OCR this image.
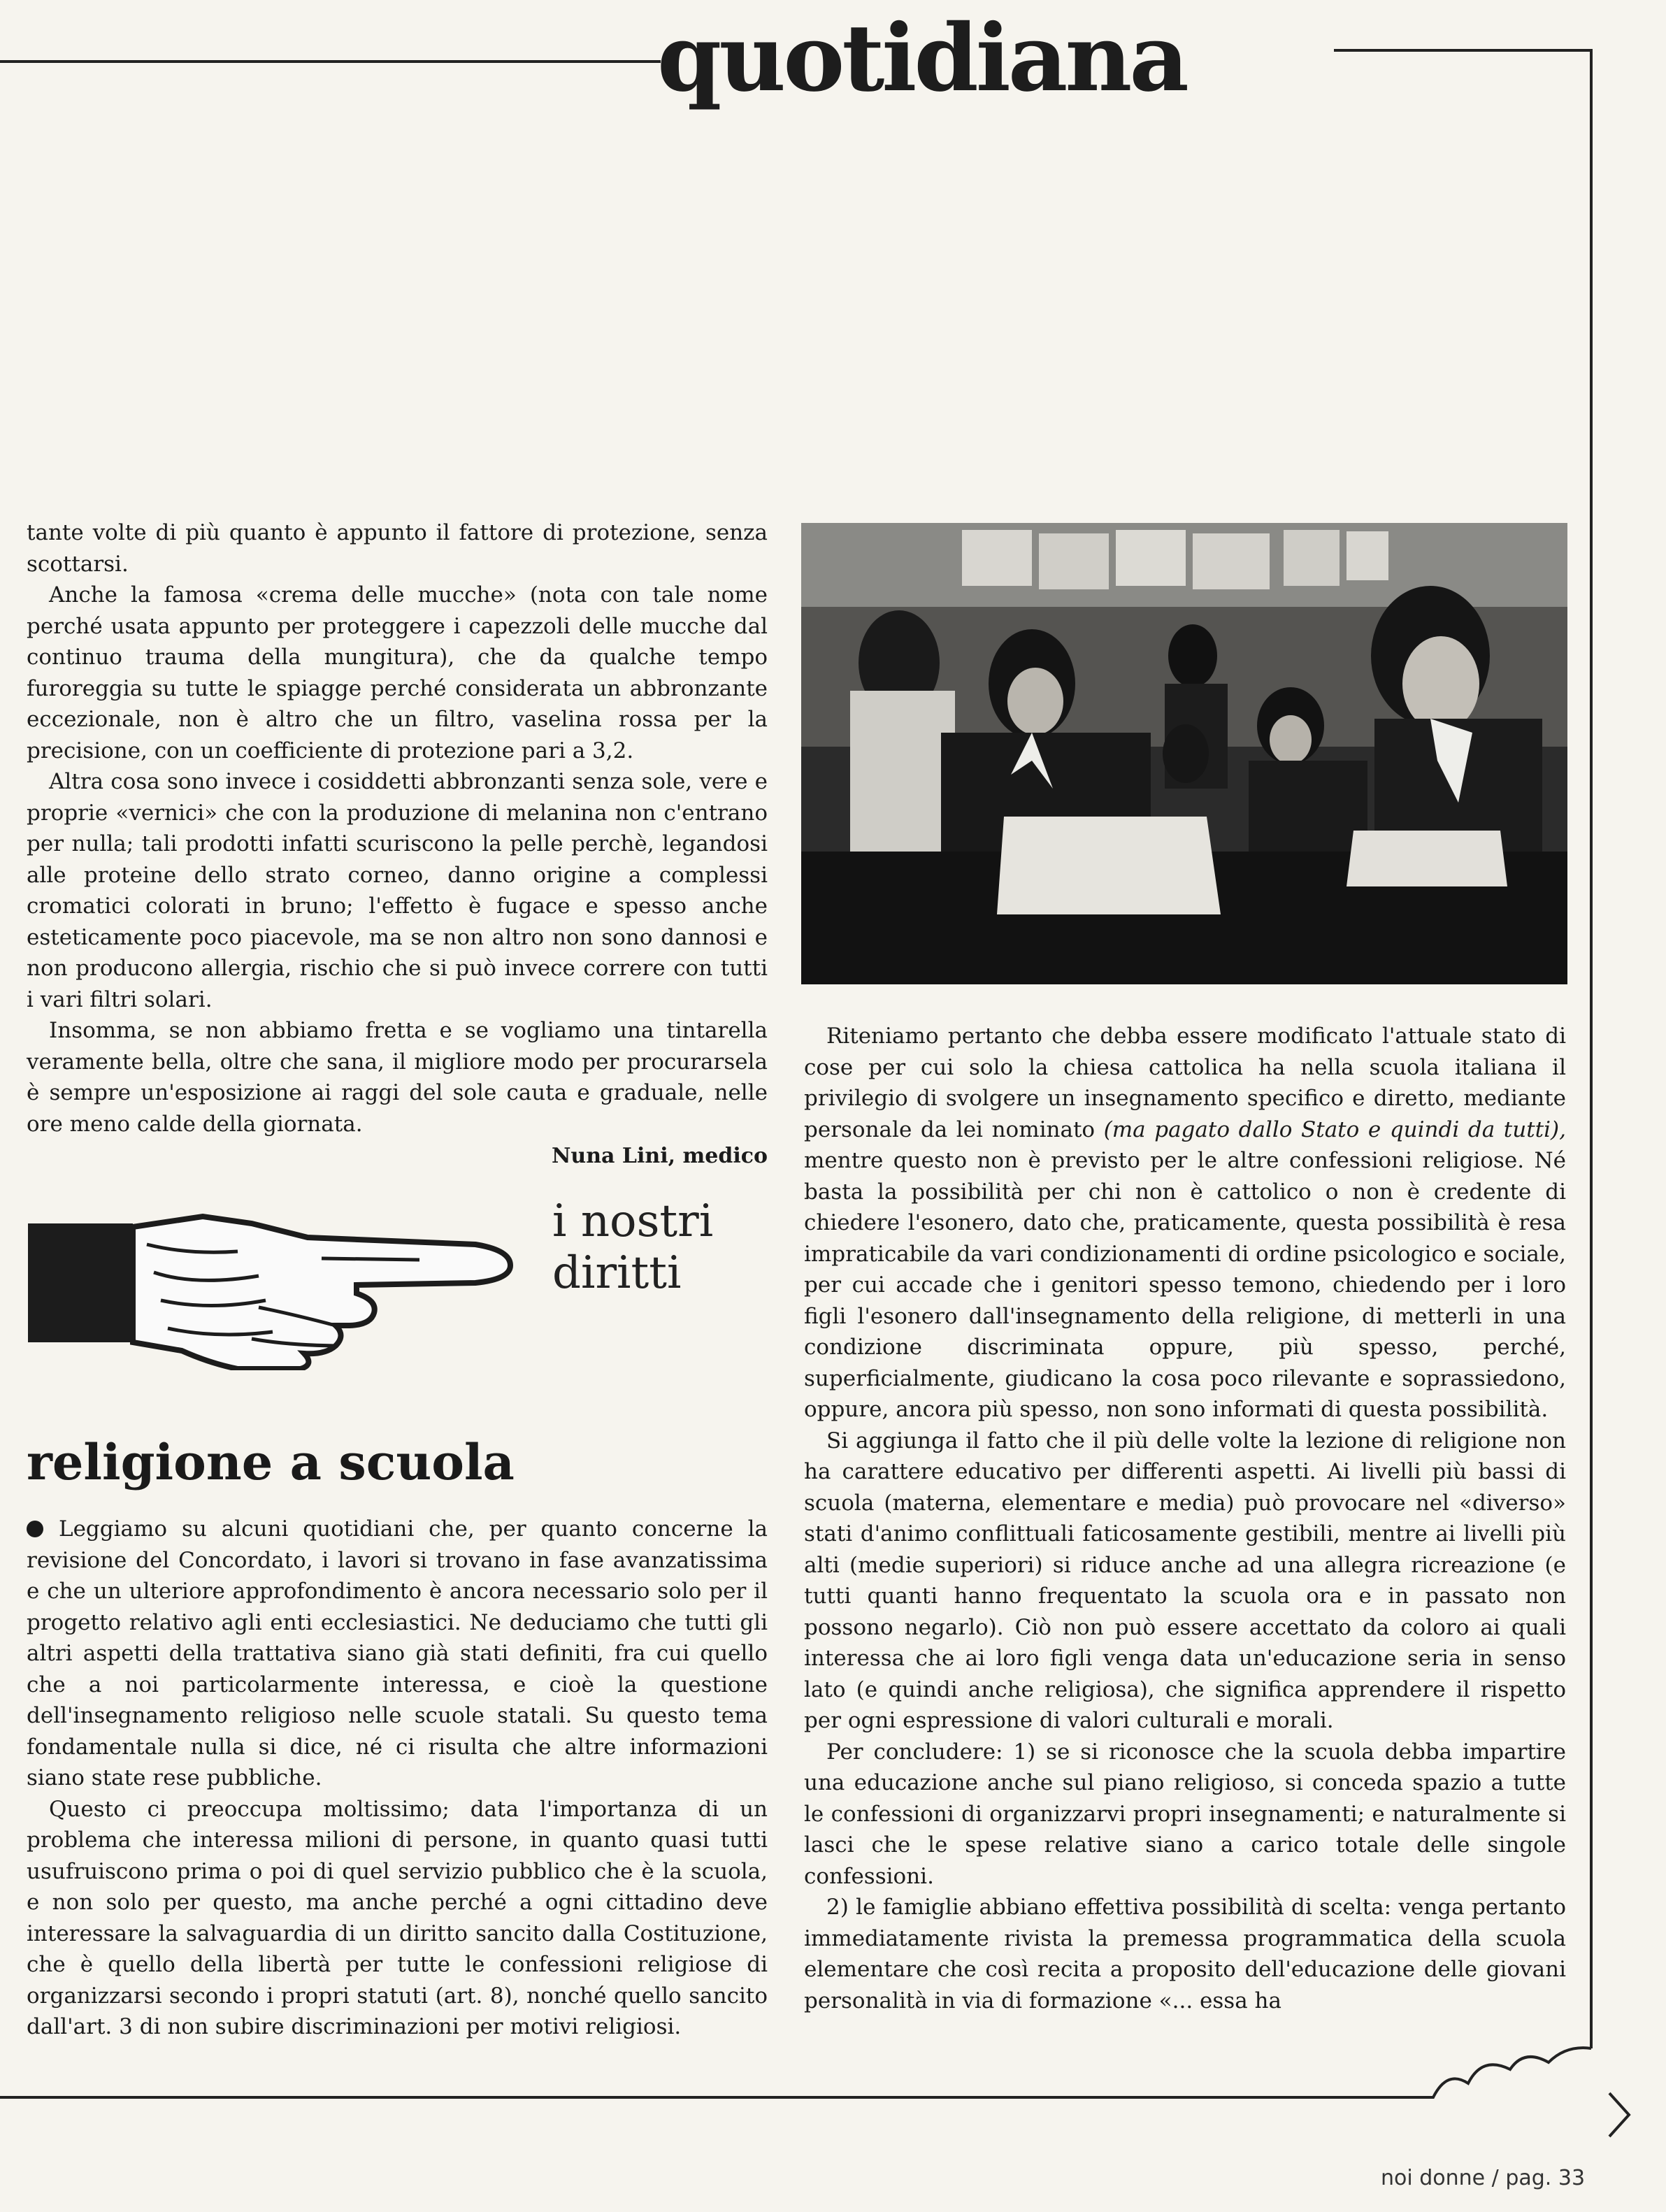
quotidiana

tante volte di più quanto è appunto il fattore di protezione, senza scottarsi.

Anche la famosa «crema delle mucche» (nota con tale nome perché usata appunto per proteggere i capezzoli delle mucche dal continuo trauma della mungitura), che da qualche tempo furoreggia su tutte le spiagge perché considerata un abbronzante eccezionale, non è altro che un filtro, vaselina rossa per la precisione, con un coefficiente di protezione pari a 3,2.

Altra cosa sono invece i cosiddetti abbronzanti senza sole, vere e proprie «vernici» che con la produzione di melanina non c'entrano per nulla; tali prodotti infatti scuriscono la pelle perchè, legandosi alle proteine dello strato corneo, danno origine a complessi cromatici colorati in bruno; l'effetto è fugace e spesso anche esteticamente poco piacevole, ma se non altro non sono dannosi e non producono allergia, rischio che si può invece correre con tutti i vari filtri solari.

Insomma, se non abbiamo fretta e se vogliamo una tintarella veramente bella, oltre che sana, il migliore modo per procurarsela è sempre un'esposizione ai raggi del sole cauta e graduale, nelle ore meno calde della giornata.

Nuna Lini, medico
i nostri
diritti
religione a scuola

Leggiamo su alcuni quotidiani che, per quanto concerne la revisione del Concordato, i lavori si trovano in fase avanzatissima e che un ulteriore approfondimento è ancora necessario solo per il progetto relativo agli enti ecclesiastici. Ne deduciamo che tutti gli altri aspetti della trattativa siano già stati definiti, fra cui quello che a noi particolarmente interessa, e cioè la questione dell'insegnamento religioso nelle scuole statali. Su questo tema fondamentale nulla si dice, né ci risulta che altre informazioni siano state rese pubbliche.

Questo ci preoccupa moltissimo; data l'importanza di un problema che interessa milioni di persone, in quanto quasi tutti usufruiscono prima o poi di quel servizio pubblico che è la scuola, e non solo per questo, ma anche perché a ogni cittadino deve interessare la salvaguardia di un diritto sancito dalla Costituzione, che è quello della libertà per tutte le confessioni religiose di organizzarsi secondo i propri statuti (art. 8), nonché quello sancito dall'art. 3 di non subire discriminazioni per motivi religiosi.

Riteniamo pertanto che debba essere modificato l'attuale stato di cose per cui solo la chiesa cattolica ha nella scuola italiana il privilegio di svolgere un insegnamento specifico e diretto, mediante personale da lei nominato (ma pagato dallo Stato e quindi da tutti), mentre questo non è previsto per le altre confessioni religiose. Né basta la possibilità per chi non è cattolico o non è credente di chiedere l'esonero, dato che, praticamente, questa possibilità è resa impraticabile da vari condizionamenti di ordine psicologico e sociale, per cui accade che i genitori spesso temono, chiedendo per i loro figli l'esonero dall'insegnamento della religione, di metterli in una condizione discriminata oppure, più spesso, perché, superficialmente, giudicano la cosa poco rilevante e soprassiedono, oppure, ancora più spesso, non sono informati di questa possibilità.

Si aggiunga il fatto che il più delle volte la lezione di religione non ha carattere educativo per differenti aspetti. Ai livelli più bassi di scuola (materna, elementare e media) può provocare nel «diverso» stati d'animo conflittuali faticosamente gestibili, mentre ai livelli più alti (medie superiori) si riduce anche ad una allegra ricreazione (e tutti quanti hanno frequentato la scuola ora e in passato non possono negarlo). Ciò non può essere accettato da coloro ai quali interessa che ai loro figli venga data un'educazione seria in senso lato (e quindi anche religiosa), che significa apprendere il rispetto per ogni espressione di valori culturali e morali.

Per concludere: 1) se si riconosce che la scuola debba impartire una educazione anche sul piano religioso, si conceda spazio a tutte le confessioni di organizzarvi propri insegnamenti; e naturalmente si lasci che le spese relative siano a carico totale delle singole confessioni.

2) le famiglie abbiano effettiva possibilità di scelta: venga pertanto immediatamente rivista la premessa programmatica della scuola elementare che così recita a proposito dell'educazione delle giovani personalità in via di formazione «... essa ha

noi donne / pag. 33
